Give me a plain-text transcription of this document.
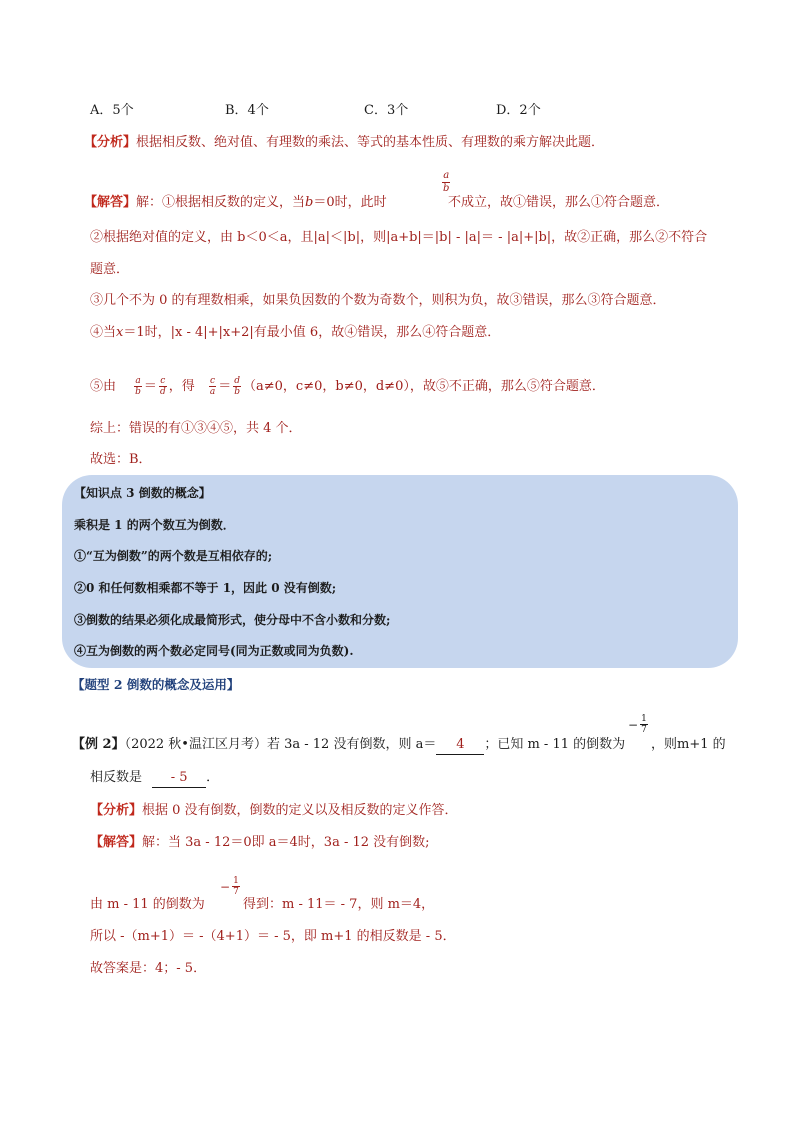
A．5个	B．4个	C．3个	D．2个
【分析】根据相反数、绝对值、有理数的乘法、等式的基本性质、有理数的乘方解决此题．
【解答】解：①根据相反数的定义，当b＝0时，此时
$\frac{a}{b}$
不成立，故①错误，那么①符合题意．
②根据绝对值的定义，由 b＜0＜a，且|a|＜|b|，则|a+b|＝|b| - |a|＝ - |a|+|b|，故②正确，那么②不符合
题意．
③几个不为 0 的有理数相乘，如果负因数的个数为奇数个，则积为负，故③错误，那么③符合题意．
④当x＝1时，|x - 4|+|x+2|有最小值 6，故④错误，那么④符合题意．
⑤由 $\frac{a}{b} = \frac{c}{d}$ ，得 $\frac{c}{a} = \frac{d}{b} (a\ne 0$，c≠0，b≠0，d≠0），故⑤不正确，那么⑤符合题意．
综上：错误的有①③④⑤，共 4 个．
故选：B．
【知识点 3 倒数的概念】
乘积是 1 的两个数互为倒数．
①“互为倒数”的两个数是互相依存的;
②0 和任何数相乘都不等于 1，因此 0 没有倒数;
③倒数的结果必须化成最简形式，使分母中不含小数和分数;
④互为倒数的两个数必定同号(同为正数或同为负数).
【题型 2 倒数的概念及运用】
【例 2】（2022 秋•温江区月考）若 3a - 12 没有倒数，则 a＝ 4 ；已知 m - 11 的倒数为
− $\frac{1}{7}$
，则m+1 的
相反数是 - 5 ．
【分析】根据 0 没有倒数，倒数的定义以及相反数的定义作答．
【解答】解：当 3a - 12＝0即 a＝4时，3a - 12 没有倒数;
由 m - 11 的倒数为
− $\frac{1}{7}$
得到：m - 11＝ - 7，则 m＝4，
所以 -（m+1）＝ -（4+1）＝ - 5，即 m+1 的相反数是 - 5．
故答案是：4；- 5．
